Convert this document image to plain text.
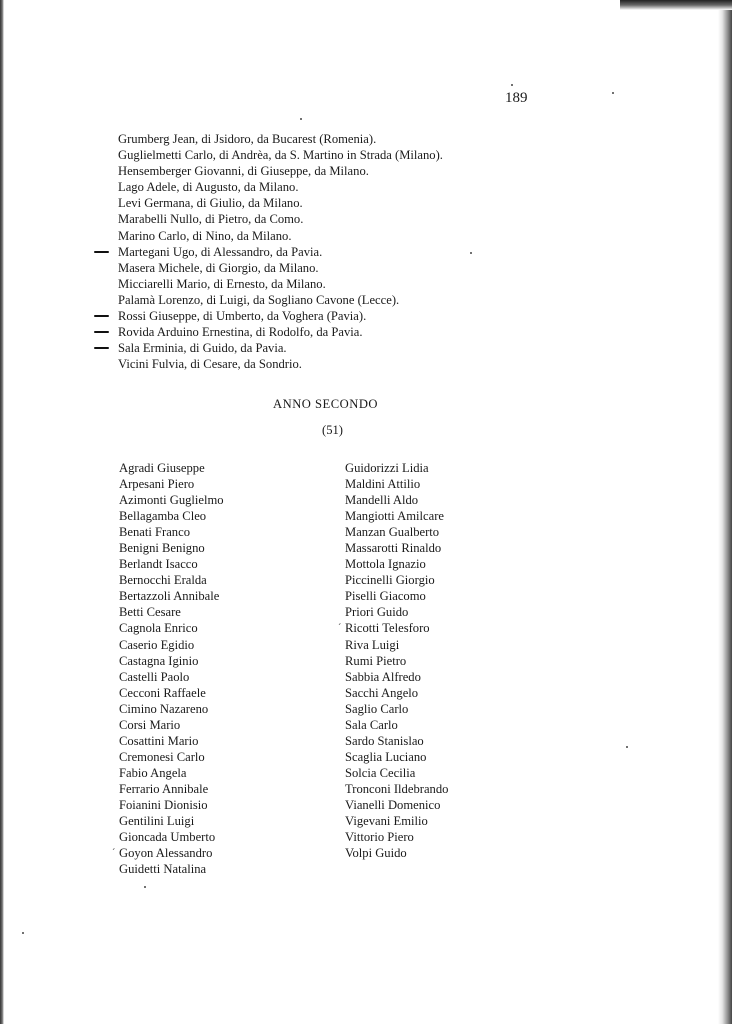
189
Grumberg Jean, di Jsidoro, da Bucarest (Romenia).
Guglielmetti Carlo, di Andrèa, da S. Martino in Strada (Milano).
Hensemberger Giovanni, di Giuseppe, da Milano.
Lago Adele, di Augusto, da Milano.
Levi Germana, di Giulio, da Milano.
Marabelli Nullo, di Pietro, da Como.
Marino Carlo, di Nino, da Milano.
Martegani Ugo, di Alessandro, da Pavia.
Masera Michele, di Giorgio, da Milano.
Micciarelli Mario, di Ernesto, da Milano.
Palamà Lorenzo, di Luigi, da Sogliano Cavone (Lecce).
Rossi Giuseppe, di Umberto, da Voghera (Pavia).
Rovida Arduino Ernestina, di Rodolfo, da Pavia.
Sala Erminia, di Guido, da Pavia.
Vicini Fulvia, di Cesare, da Sondrio.
ANNO SECONDO
(51)
Agradi Giuseppe
Arpesani Piero
Azimonti Guglielmo
Bellagamba Cleo
Benati Franco
Benigni Benigno
Berlandt Isacco
Bernocchi Eralda
Bertazzoli Annibale
Betti Cesare
Cagnola Enrico
Caserio Egidio
Castagna Iginio
Castelli Paolo
Cecconi Raffaele
Cimino Nazareno
Corsi Mario
Cosattini Mario
Cremonesi Carlo
Fabio Angela
Ferrario Annibale
Foianini Dionisio
Gentilini Luigi
Gioncada Umberto
ˊ Goyon Alessandro
Guidetti Natalina
Guidorizzi Lidia
Maldini Attilio
Mandelli Aldo
Mangiotti Amilcare
Manzan Gualberto
Massarotti Rinaldo
Mottola Ignazio
Piccinelli Giorgio
Piselli Giacomo
Priori Guido
ˊ Ricotti Telesforo
Riva Luigi
Rumi Pietro
Sabbia Alfredo
Sacchi Angelo
Saglio Carlo
Sala Carlo
Sardo Stanislao
Scaglia Luciano
Solcia Cecilia
Tronconi Ildebrando
Vianelli Domenico
Vigevani Emilio
Vittorio Piero
Volpi Guido
